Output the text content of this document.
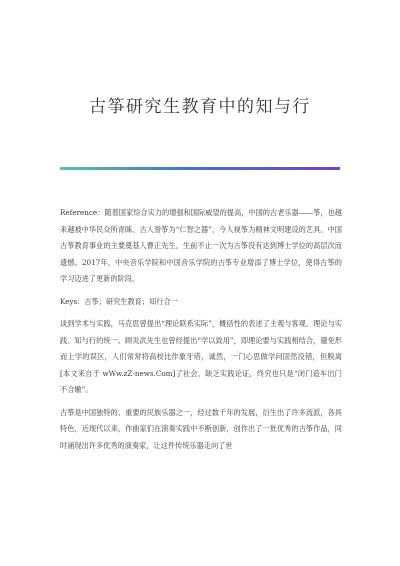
古筝研究生教育中的知与行

Reference：随着国家综合实力的增强和国际威望的提高，中国的古老乐器——筝，也越来越被中华民众所青睐。古人誉筝为“仁智之器”，今人视筝为精神文明建设的艺具。中国古筝教育事业的主要奠基人曹正先生，生前不止一次为古筝没有达到博士学位的高层次而遗憾。2017年，中央音乐学院和中国音乐学院的古筝专业增添了博士学位，使得古筝的学习迈进了更新的阶段。

Keys：古筝；研究生教育；知行合一

谈到学术与实践，马克思曾提出“理论联系实际”，概括性的表述了主观与客观、理论与实践、知与行的统一。顾炎武先生也曾经提出“学以致用”，即理论要与实践相结合，避免形而上学的误区，人们常常将高校比作象牙塔，诚然，一门心思做学问固然没错，但脱离[本文来自于 wWw.zZ-news.Com]了社会、缺乏实践论证，终究也只是“闭门造车出门不合辙”。

古筝是中国独特的、重要的民族乐器之一，经过数千年的发展，衍生出了许多流派，各具特色，近现代以来，作曲家们在演奏实践中不断创新，创作出了一批优秀的古筝作品，同时涌现出许多优秀的演奏家，让这件传统乐器走向了世
